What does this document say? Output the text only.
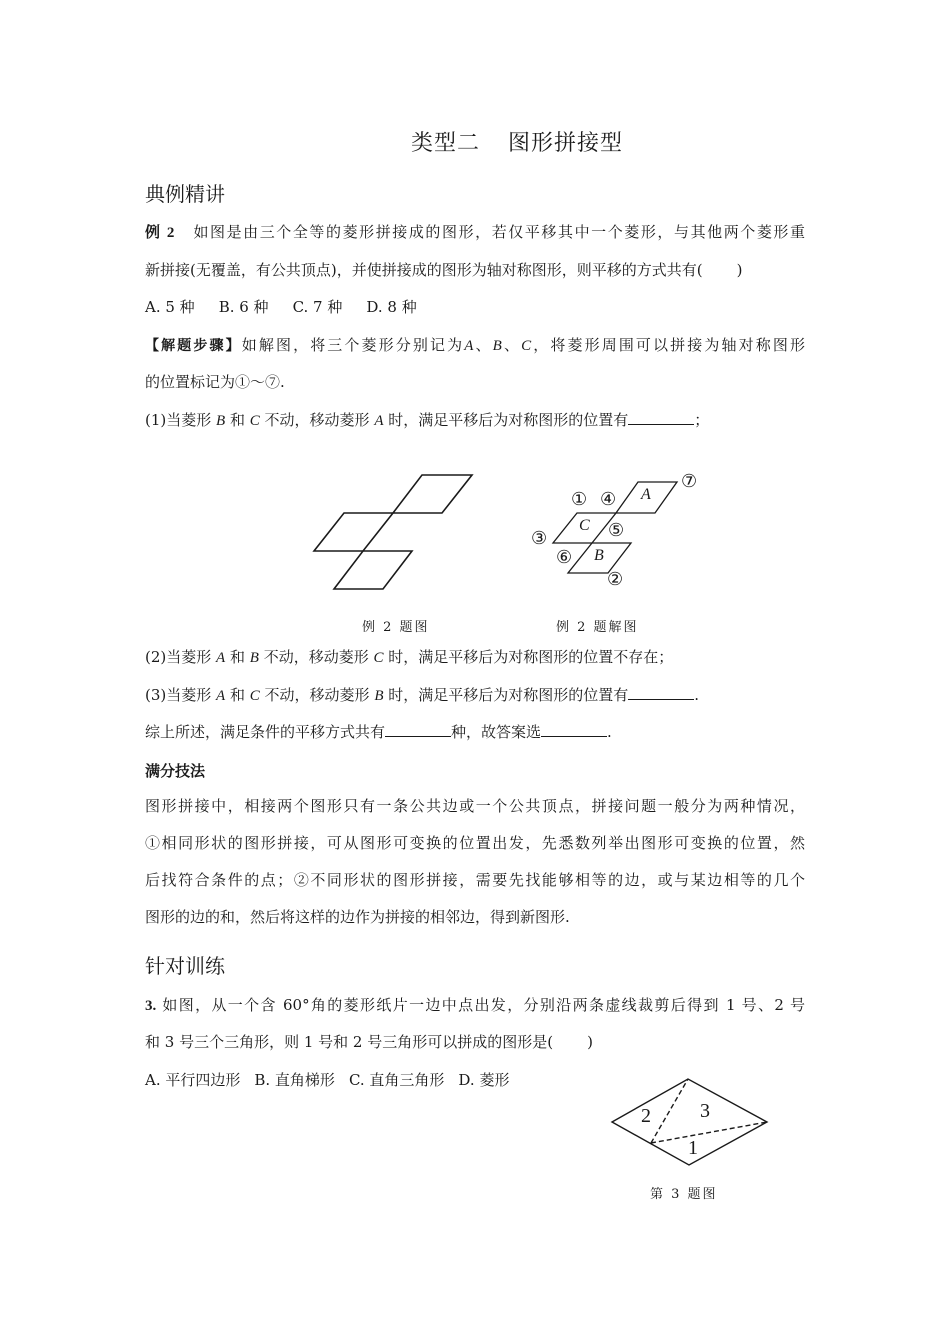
类型二 图形拼接型
典例精讲
例 2 如图是由三个全等的菱形拼接成的图形，若仅平移其中一个菱形，与其他两个菱形重
新拼接(无覆盖，有公共顶点)，并使拼接成的图形为轴对称图形，则平移的方式共有( )
A. 5 种 B. 6 种 C. 7 种 D. 8 种
【解题步骤】如解图，将三个菱形分别记为A、B、C，将菱形周围可以拼接为轴对称图形
的位置标记为①～⑦.
(1)当菱形 B 和 C 不动，移动菱形 A 时，满足平移后为对称图形的位置有	；
① ④ A
⑦
C ⑤
③
⑥ B
②
例 2 题图	例 2 题解图
(2)当菱形 A 和 B 不动，移动菱形 C 时，满足平移后为对称图形的位置不存在；
(3)当菱形 A 和 C 不动，移动菱形 B 时，满足平移后为对称图形的位置有	.
综上所述，满足条件的平移方式共有	种，故答案选	.
满分技法
图形拼接中，相接两个图形只有一条公共边或一个公共顶点，拼接问题一般分为两种情况，
①相同形状的图形拼接，可从图形可变换的位置出发，先悉数列举出图形可变换的位置，然
后找符合条件的点；②不同形状的图形拼接，需要先找能够相等的边，或与某边相等的几个
图形的边的和，然后将这样的边作为拼接的相邻边，得到新图形.
针对训练
3. 如图，从一个含 60°角的菱形纸片一边中点出发，分别沿两条虚线裁剪后得到 1 号、2 号
和 3 号三个三角形，则 1 号和 2 号三角形可以拼成的图形是( )
A. 平行四边形 B. 直角梯形 C. 直角三角形 D. 菱形
2 3
1
第 3 题图
